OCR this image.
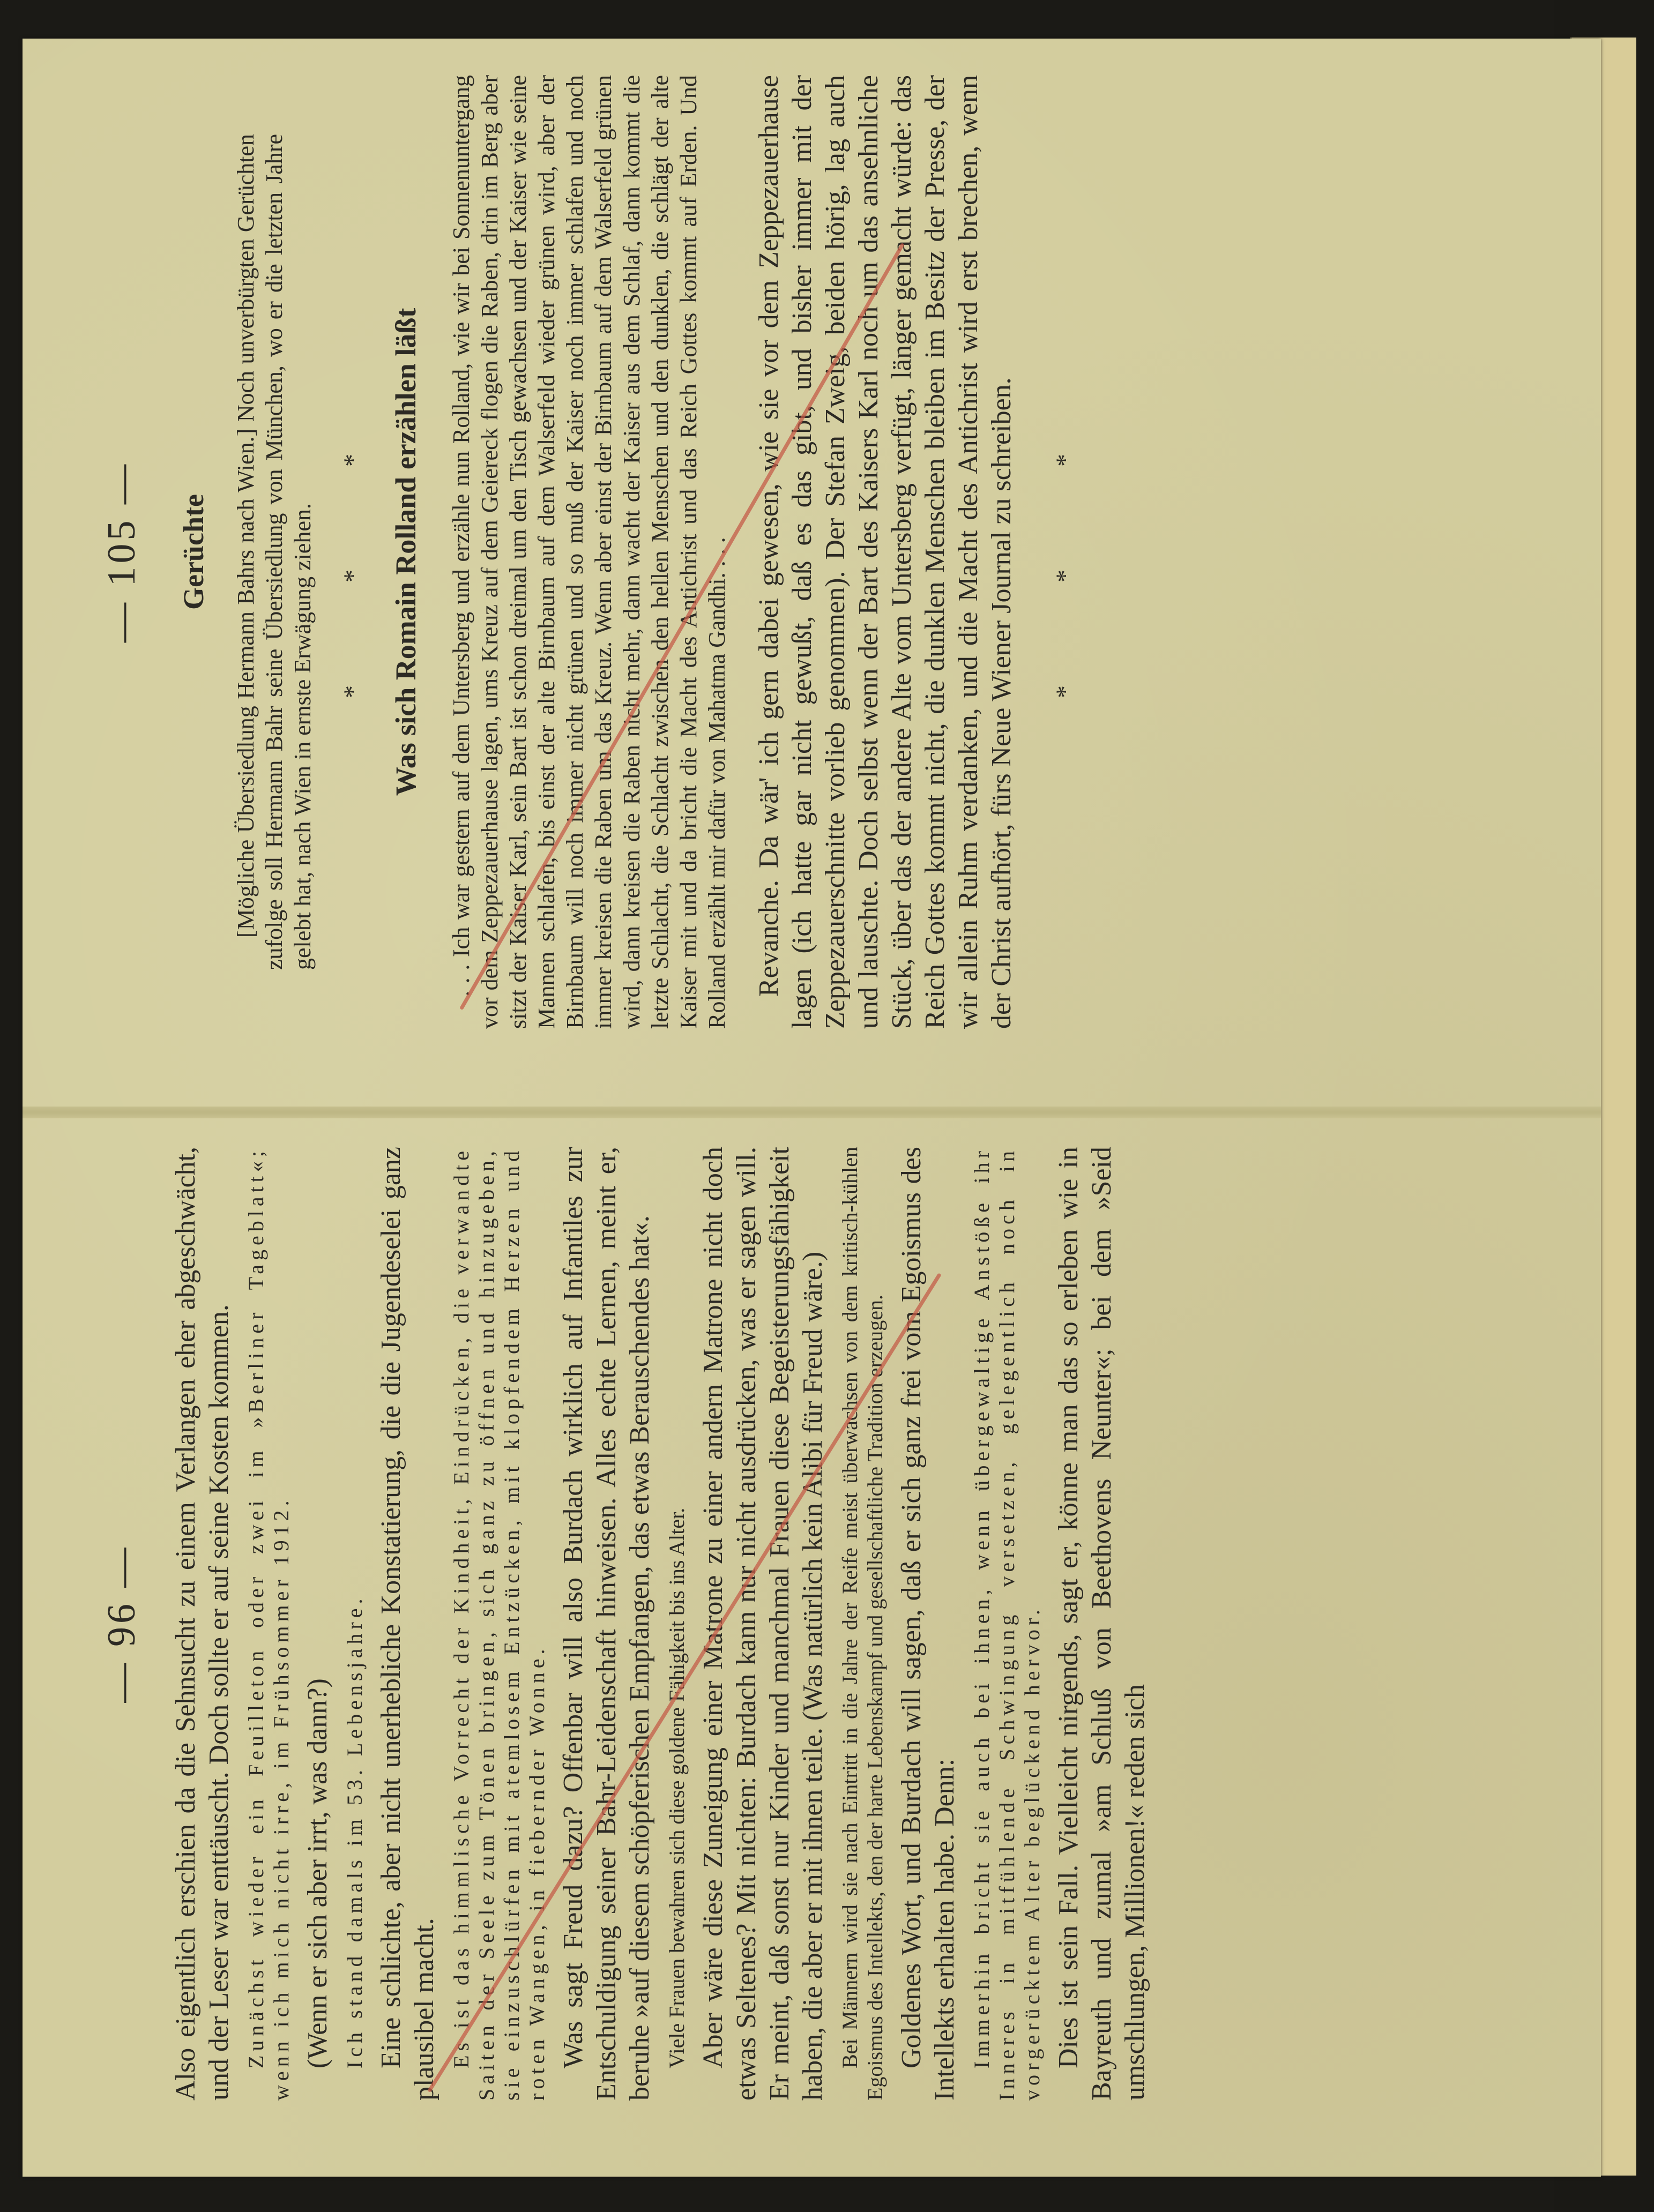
— 96 — Also eigentlich erschien da die Sehnsucht zu einem Verlangen eher abgeschwächt, und der Leser war enttäuscht. Doch sollte er auf seine Kosten kommen. Zunächst wieder ein Feuilleton oder zwei im »Berliner Tageblatt«; wenn ich mich nicht irre, im Frühsommer 1912. (Wenn er sich aber irrt, was dann?) Ich stand damals im 53. Lebensjahre. Eine schlichte, aber nicht unerhebliche Konstatierung, die die Jugendeselei ganz plausibel macht. Es ist das himmlische Vorrecht der Kindheit, Eindrücken, die verwandte Saiten der Seele zum Tönen bringen, sich ganz zu öffnen und hinzugeben, sie einzuschlürfen mit atemlosem Entzücken, mit klopfendem Herzen und roten Wangen, in fiebernder Wonne. Was sagt Freud dazu? Offenbar will also Burdach wirklich auf Infantiles zur Entschuldigung seiner Bahr-Leidenschaft hinweisen. Alles echte Lernen, meint er, beruhe »auf diesem schöpferischen Empfangen, das etwas Berauschendes hat«. Viele Frauen bewahren sich diese goldene Fähigkeit bis ins Alter. Aber wäre diese Zuneigung einer Matrone zu einer andern Matrone nicht doch etwas Seltenes? Mit nichten: Burdach kann nur nicht ausdrücken, was er sagen will. Er meint, daß sonst nur Kinder und manchmal Frauen diese Begeisterungsfähigkeit haben, die aber er mit ihnen teile. (Was natürlich kein Alibi für Freud wäre.) Bei Männern wird sie nach Eintritt in die Jahre der Reife meist überwachsen von dem kritisch-kühlen Egoismus des Intellekts, den der harte Lebenskampf und gesellschaftliche Tradition erzeugen. Goldenes Wort, und Burdach will sagen, daß er sich ganz frei vom Egoismus des Intellekts erhalten habe. Denn: Immerhin bricht sie auch bei ihnen, wenn übergewaltige Anstöße ihr Inneres in mitfühlende Schwingung versetzen, gelegentlich noch in vorgerücktem Alter beglückend hervor. Dies ist sein Fall. Vielleicht nirgends, sagt er, könne man das so erleben wie in Bayreuth und zumal »am Schluß von Beethovens Neunter«; bei dem »Seid umschlungen, Millionen!« reden sich

— 105 — Gerüchte [Mögliche Übersiedlung Hermann Bahrs nach Wien.] Noch unverbürgten Gerüchten zufolge soll Hermann Bahr seine Übersiedlung von München, wo er die letzten Jahre gelebt hat, nach Wien in ernste Erwägung ziehen. * * * Was sich Romain Rolland erzählen läßt . . . Ich war gestern auf dem Untersberg und erzähle nun Rolland, wie wir bei Sonnenuntergang vor dem Zeppezauerhause lagen, ums Kreuz auf dem Geiereck flogen die Raben, drin im Berg aber sitzt der Kaiser Karl, sein Bart ist schon dreimal um den Tisch gewachsen und der Kaiser wie seine Mannen schlafen, bis einst der alte Birnbaum auf dem Walserfeld wieder grünen wird, aber der Birnbaum will noch immer nicht grünen und so muß der Kaiser noch immer schlafen und noch immer kreisen die Raben um das Kreuz. Wenn aber einst der Birnbaum auf dem Walserfeld grünen wird, dann kreisen die Raben nicht mehr, dann wacht der Kaiser aus dem Schlaf, dann kommt die letzte Schlacht, die Schlacht zwischen den hellen Menschen und den dunklen, die schlägt der alte Kaiser mit und da bricht die Macht des Antichrist und das Reich Gottes kommt auf Erden. Und Rolland erzählt mir dafür von Mahatma Gandhi. . . . Revanche. Da wär' ich gern dabei gewesen, wie sie vor dem Zeppezauerhause lagen (ich hatte gar nicht gewußt, daß es das gibt, und bisher immer mit der Zeppezauerschnitte vorlieb genommen). Der Stefan Zweig, beiden hörig, lag auch und lauschte. Doch selbst wenn der Bart des Kaisers Karl noch um das ansehnliche Stück, über das der andere Alte vom Untersberg verfügt, länger gemacht würde: das Reich Gottes kommt nicht, die dunklen Menschen bleiben im Besitz der Presse, der wir allein Ruhm verdanken, und die Macht des Antichrist wird erst brechen, wenn der Christ aufhört, fürs Neue Wiener Journal zu schreiben. * * *
